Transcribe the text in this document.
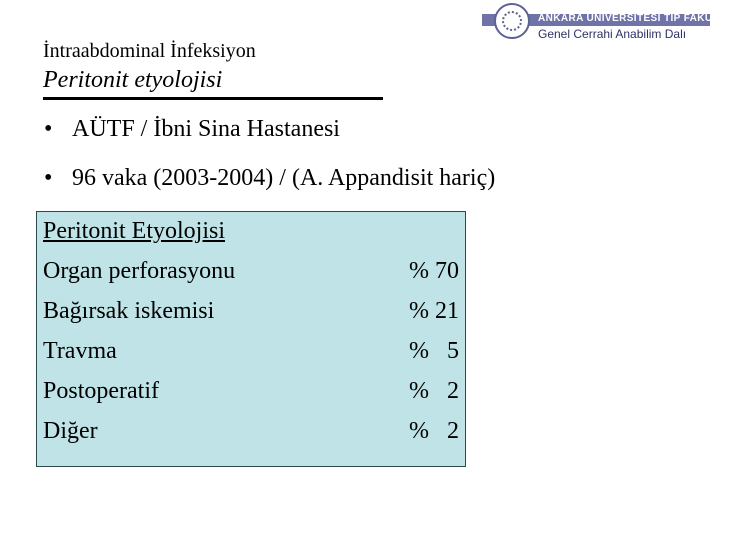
ANKARA ÜNİVERSİTESİ TIP FAKÜLTESİ
Genel Cerrahi Anabilim Dalı
İntraabdominal İnfeksiyon
Peritonit etyolojisi
• AÜTF / İbni Sina Hastanesi
• 96 vaka (2003-2004) / (A. Appandisit hariç)
Peritonit Etyolojisi
Organ perforasyonu	% 70
Bağırsak iskemisi	% 21
Travma	% 5
Postoperatif	% 2
Diğer	% 2
